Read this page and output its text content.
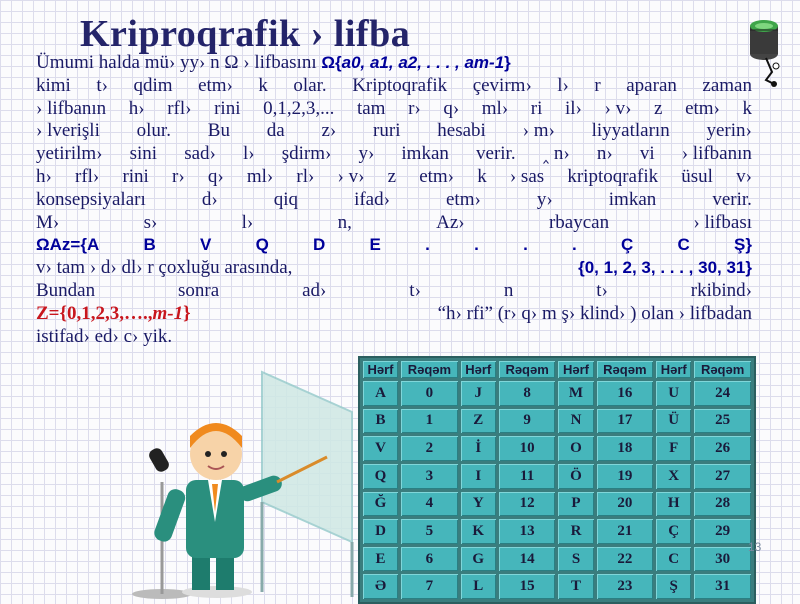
Kriproqrafik › lifba
Ümumi halda mü› yy› n Ω › lifbasını Ω{a0, a1, a2, . . . , am-1}
kimi t› qdim etm› k olar. Kriptoqrafik çevirm› l› r aparan zaman
› lifbanın h› rfl› rini 0,1,2,3,... tam r› q› ml› ri il› › v› z etm› k
› lverişli olur. Bu da z› ruri hesabi › m› liyyatların yerin›
yetirilm› sini sad› l› şdirm› y› imkan verir. ‸ n› n› vi › lifbanın
h› rfl› rini r› q› ml› rl› › v› z etm› k › sas kriptoqrafik üsul v›
konsepsiyaları	d›	qiq	ifad›	etm›	y›	imkan	verir.
M›	s›	l›	n,	Az›	rbaycan	› lifbası
ΩAz={A	B	V	Q	D	E	.	.	.	.	Ç	C	Ş}
v› tam › d› dl› r çoxluğu arasında,	{0, 1, 2, 3, . . . , 30, 31}
Bundan	sonra	ad›	t›	n	t›	rkibind›
Z={0,1,2,3,….,m-1}	“h› rfi” (r› q› m ş› klind› ) olan › lifbadan
istifad› ed› c› yik.
Hərf	Rəqəm	Hərf	Rəqəm	Hərf	Rəqəm	Hərf	Rəqəm
A	0	J	8	M	16	U	24
B	1	Z	9	N	17	Ü	25
V	2	İ	10	O	18	F	26
Q	3	I	11	Ö	19	X	27
Ğ	4	Y	12	P	20	H	28
D	5	K	13	R	21	Ç	29
E	6	G	14	S	22	C	30
Ə	7	L	15	T	23	Ş	31
13
